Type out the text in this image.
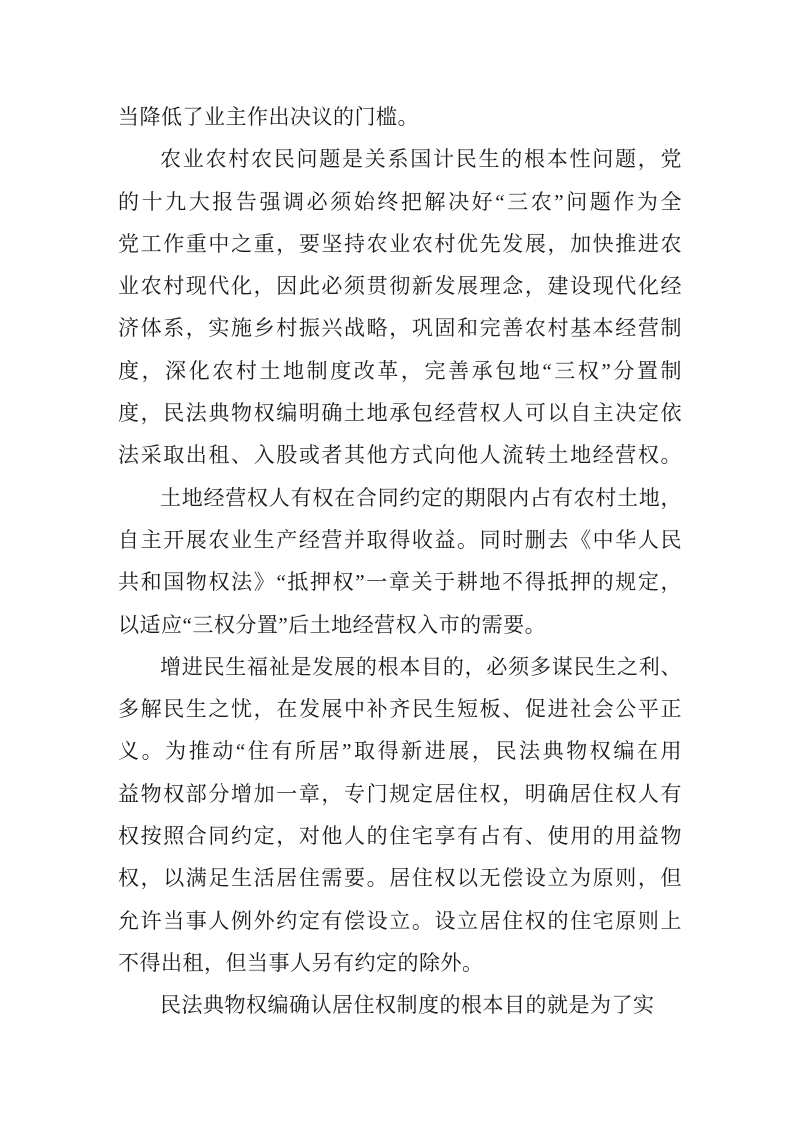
当降低了业主作出决议的门槛。
农业农村农民问题是关系国计民生的根本性问题，党
的十九大报告强调必须始终把解决好“三农”问题作为全
党工作重中之重，要坚持农业农村优先发展，加快推进农
业农村现代化，因此必须贯彻新发展理念，建设现代化经
济体系，实施乡村振兴战略，巩固和完善农村基本经营制
度，深化农村土地制度改革，完善承包地“三权”分置制
度，民法典物权编明确土地承包经营权人可以自主决定依
法采取出租、入股或者其他方式向他人流转土地经营权。
土地经营权人有权在合同约定的期限内占有农村土地，
自主开展农业生产经营并取得收益。同时删去《中华人民
共和国物权法》“抵押权”一章关于耕地不得抵押的规定，
以适应“三权分置”后土地经营权入市的需要。
增进民生福祉是发展的根本目的，必须多谋民生之利、
多解民生之忧，在发展中补齐民生短板、促进社会公平正
义。为推动“住有所居”取得新进展，民法典物权编在用
益物权部分增加一章，专门规定居住权，明确居住权人有
权按照合同约定，对他人的住宅享有占有、使用的用益物
权，以满足生活居住需要。居住权以无偿设立为原则，但
允许当事人例外约定有偿设立。设立居住权的住宅原则上
不得出租，但当事人另有约定的除外。
民法典物权编确认居住权制度的根本目的就是为了实
